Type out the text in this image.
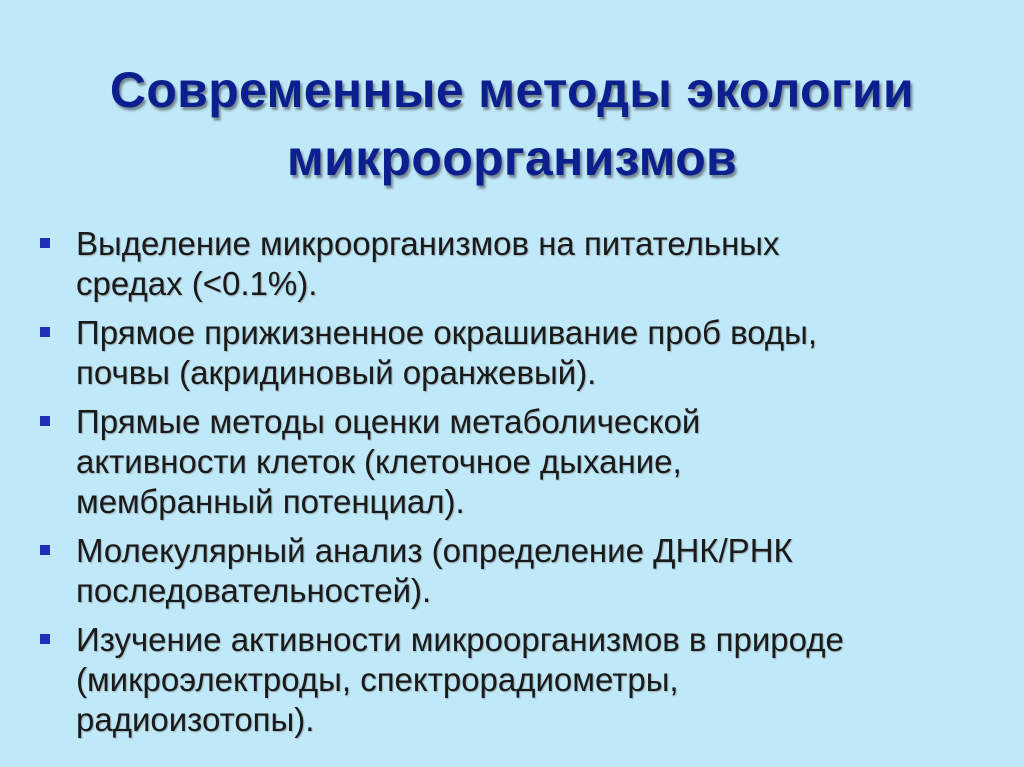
Современные методы экологии
микроорганизмов
Выделение микроорганизмов на питательных
средах (<0.1%).
Прямое прижизненное окрашивание проб воды,
почвы (акридиновый оранжевый).
Прямые методы оценки метаболической
активности клеток (клеточное дыхание,
мембранный потенциал).
Молекулярный анализ (определение ДНК/РНК
последовательностей).
Изучение активности микроорганизмов в природе
(микроэлектроды, спектрорадиометры,
радиоизотопы).
